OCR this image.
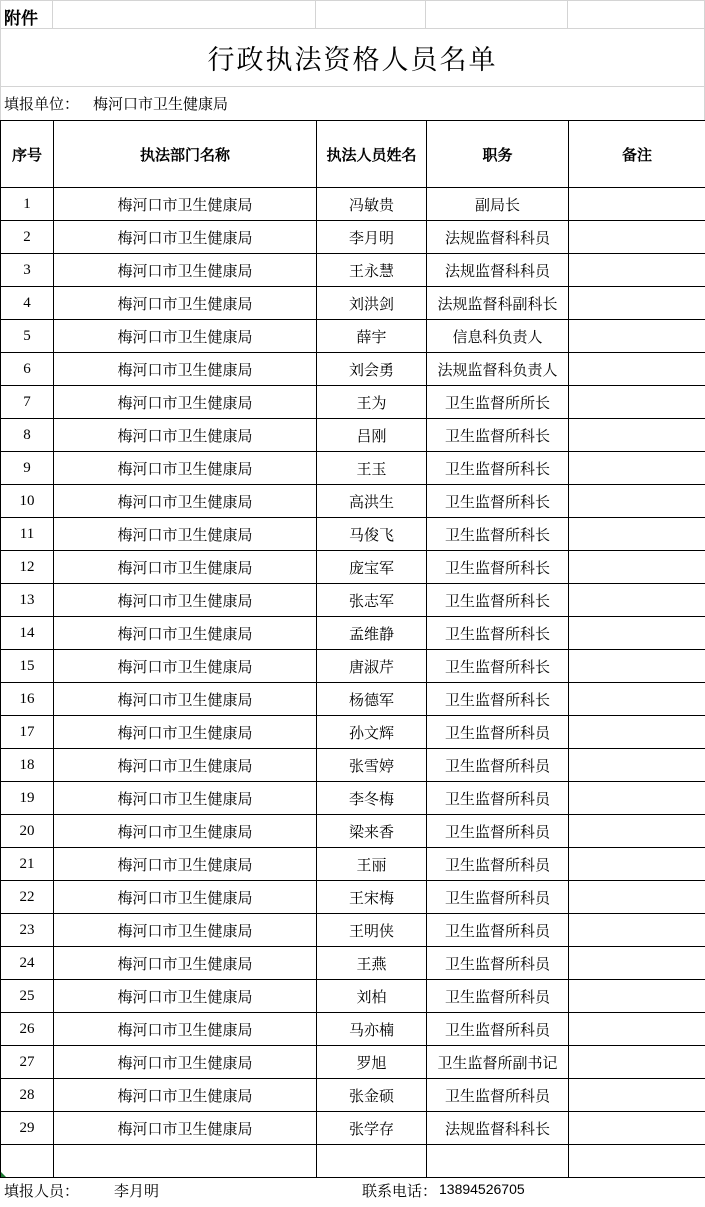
附件
行政执法资格人员名单
填报单位： 梅河口市卫生健康局
序号	执法部门名称	执法人员姓名	职务	备注
1	梅河口市卫生健康局	冯敏贵	副局长	
2	梅河口市卫生健康局	李月明	法规监督科科员	
3	梅河口市卫生健康局	王永慧	法规监督科科员	
4	梅河口市卫生健康局	刘洪剑	法规监督科副科长	
5	梅河口市卫生健康局	薛宇	信息科负责人	
6	梅河口市卫生健康局	刘会勇	法规监督科负责人	
7	梅河口市卫生健康局	王为	卫生监督所所长	
8	梅河口市卫生健康局	吕刚	卫生监督所科长	
9	梅河口市卫生健康局	王玉	卫生监督所科长	
10	梅河口市卫生健康局	高洪生	卫生监督所科长	
11	梅河口市卫生健康局	马俊飞	卫生监督所科长	
12	梅河口市卫生健康局	庞宝军	卫生监督所科长	
13	梅河口市卫生健康局	张志军	卫生监督所科长	
14	梅河口市卫生健康局	孟维静	卫生监督所科长	
15	梅河口市卫生健康局	唐淑芹	卫生监督所科长	
16	梅河口市卫生健康局	杨德军	卫生监督所科长	
17	梅河口市卫生健康局	孙文辉	卫生监督所科员	
18	梅河口市卫生健康局	张雪婷	卫生监督所科员	
19	梅河口市卫生健康局	李冬梅	卫生监督所科员	
20	梅河口市卫生健康局	梁来香	卫生监督所科员	
21	梅河口市卫生健康局	王丽	卫生监督所科员	
22	梅河口市卫生健康局	王宋梅	卫生监督所科员	
23	梅河口市卫生健康局	王明侠	卫生监督所科员	
24	梅河口市卫生健康局	王燕	卫生监督所科员	
25	梅河口市卫生健康局	刘柏	卫生监督所科员	
26	梅河口市卫生健康局	马亦楠	卫生监督所科员	
27	梅河口市卫生健康局	罗旭	卫生监督所副书记	
28	梅河口市卫生健康局	张金硕	卫生监督所科员	
29	梅河口市卫生健康局	张学存	法规监督科科长	

填报人员： 李月明	联系电话： 13894526705
